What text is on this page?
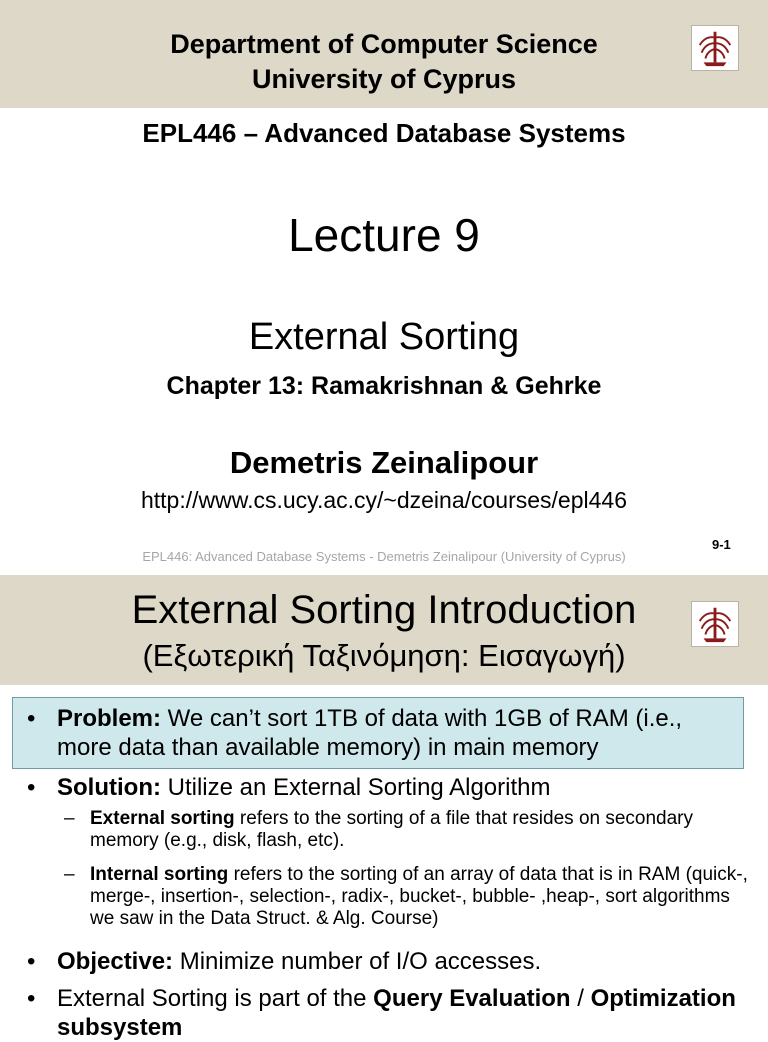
Department of Computer Science
University of Cyprus
EPL446 – Advanced Database Systems
Lecture 9
External Sorting
Chapter 13: Ramakrishnan & Gehrke
Demetris Zeinalipour
http://www.cs.ucy.ac.cy/~dzeina/courses/epl446
EPL446: Advanced Database Systems - Demetris Zeinalipour (University of Cyprus)
9-1
External Sorting Introduction
(Εξωτερική Ταξινόμηση: Εισαγωγή)
• Problem: We can’t sort 1TB of data with 1GB of RAM (i.e., more data than available memory) in main memory
• Solution: Utilize an External Sorting Algorithm
– External sorting refers to the sorting of a file that resides on secondary memory (e.g., disk, flash, etc).
– Internal sorting refers to the sorting of an array of data that is in RAM (quick-, merge-, insertion-, selection-, radix-, bucket-, bubble- ,heap-, sort algorithms we saw in the Data Struct. & Alg. Course)
• Objective: Minimize number of I/O accesses.
• External Sorting is part of the Query Evaluation / Optimization subsystem
